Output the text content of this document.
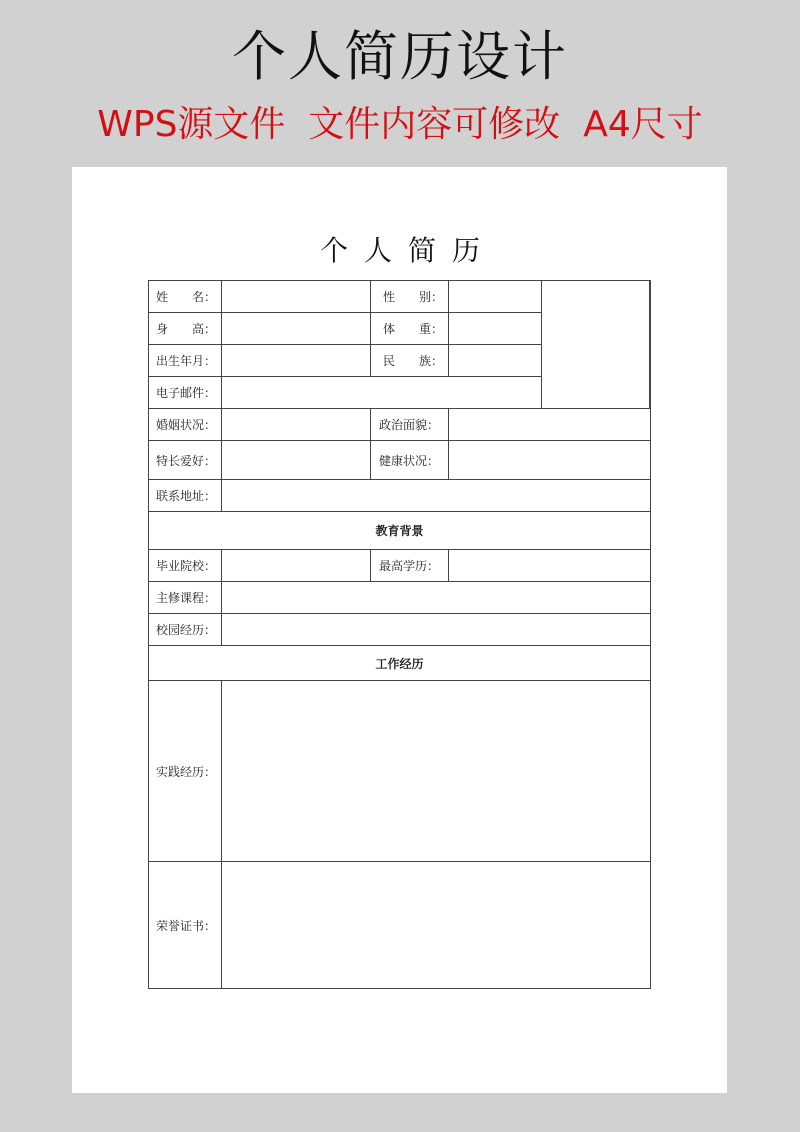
个人简历设计
WPS源文件  文件内容可修改  A4尺寸
个人简历
姓　　名：	性　　别：
身　　高：	体　　重：
出生年月：	民　　族：
电子邮件：
婚姻状况：	政治面貌：
特长爱好：	健康状况：
联系地址：
教育背景
毕业院校：	最高学历：
主修课程：
校园经历：
工作经历
实践经历：
荣誉证书：
